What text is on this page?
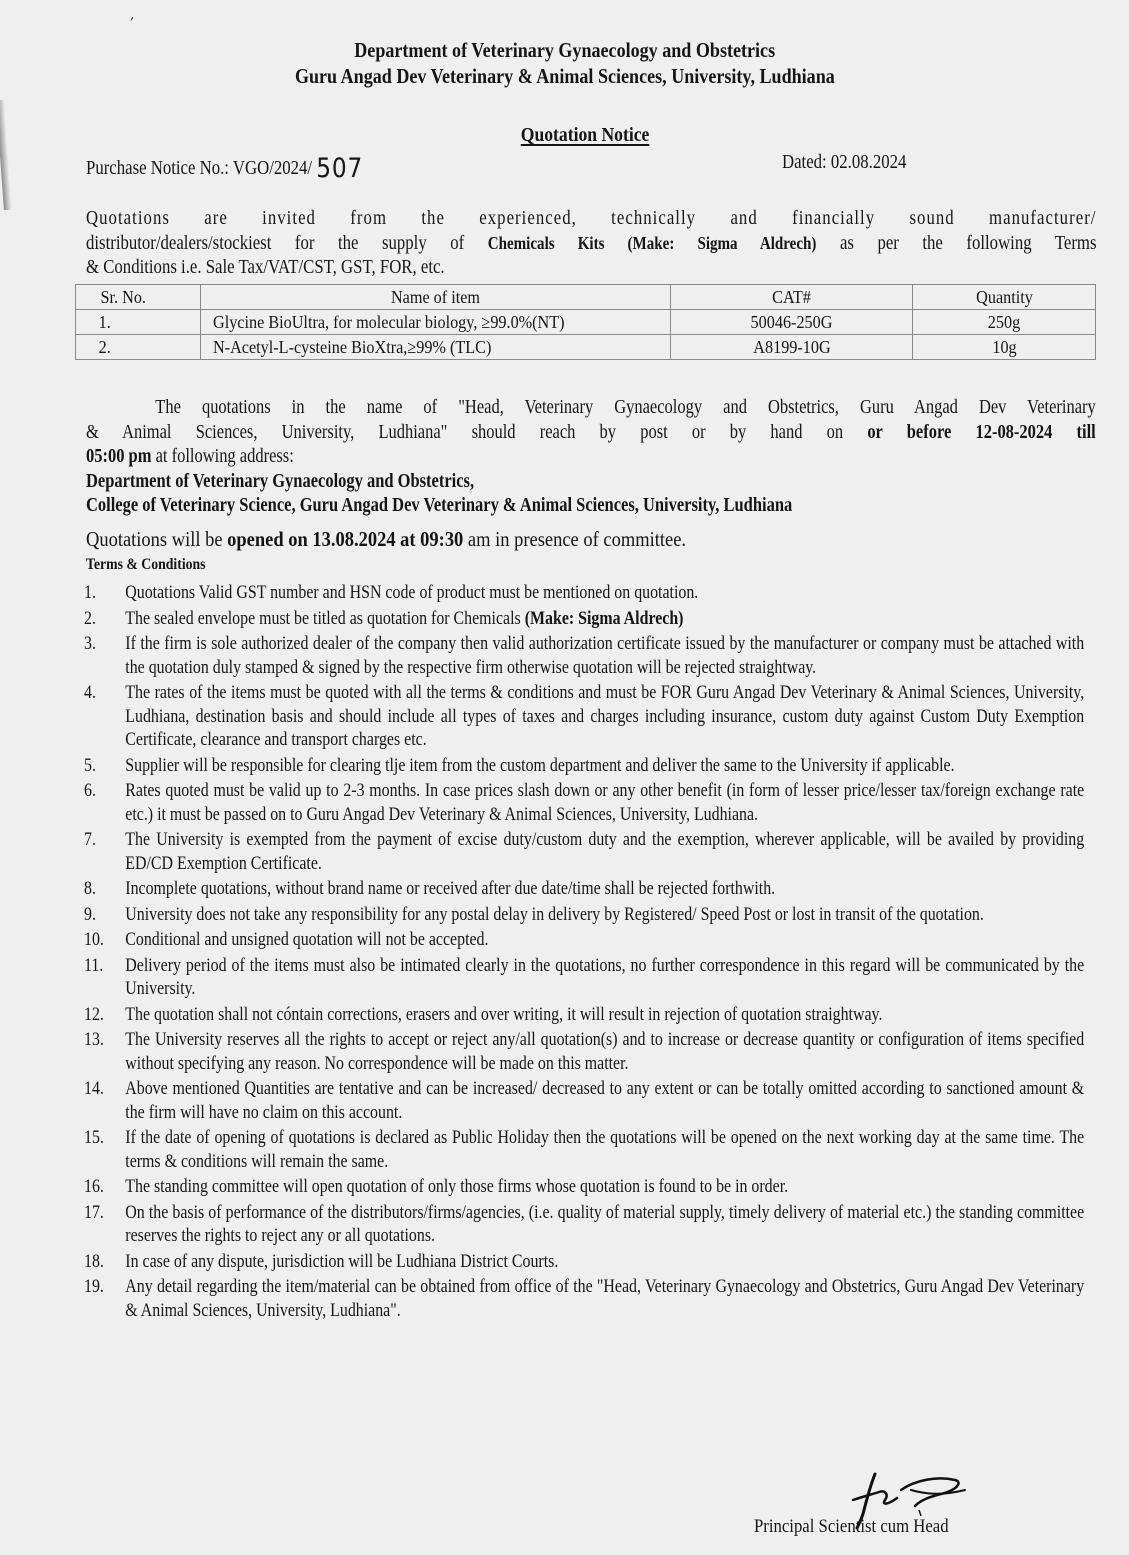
'
Department of Veterinary Gynaecology and Obstetrics
Guru Angad Dev Veterinary & Animal Sciences, University, Ludhiana
Quotation Notice
Purchase Notice No.: VGO/2024/ 507	Dated: 02.08.2024
Quotations are invited from the experienced, technically and financially sound manufacturer/
distributor/dealers/stockiest for the supply of Chemicals Kits (Make: Sigma Aldrech) as per the following Terms
& Conditions i.e. Sale Tax/VAT/CST, GST, FOR, etc.
Sr. No.	Name of item	CAT#	Quantity
1.	Glycine BioUltra, for molecular biology, ≥99.0%(NT)	50046-250G	250g
2.	N-Acetyl-L-cysteine BioXtra,≥99% (TLC)	A8199-10G	10g
The quotations in the name of "Head, Veterinary Gynaecology and Obstetrics, Guru Angad Dev Veterinary
& Animal Sciences, University, Ludhiana" should reach by post or by hand on or before 12-08-2024 till
05:00 pm at following address:
Department of Veterinary Gynaecology and Obstetrics,
College of Veterinary Science, Guru Angad Dev Veterinary & Animal Sciences, University, Ludhiana
Quotations will be opened on 13.08.2024 at 09:30 am in presence of committee.
Terms & Conditions
1. Quotations Valid GST number and HSN code of product must be mentioned on quotation.
2. The sealed envelope must be titled as quotation for Chemicals (Make: Sigma Aldrech)
3. If the firm is sole authorized dealer of the company then valid authorization certificate issued by the manufacturer or company must be attached with the quotation duly stamped & signed by the respective firm otherwise quotation will be rejected straightway.
4. The rates of the items must be quoted with all the terms & conditions and must be FOR Guru Angad Dev Veterinary & Animal Sciences, University, Ludhiana, destination basis and should include all types of taxes and charges including insurance, custom duty against Custom Duty Exemption Certificate, clearance and transport charges etc.
5. Supplier will be responsible for clearing tlje item from the custom department and deliver the same to the University if applicable.
6. Rates quoted must be valid up to 2-3 months. In case prices slash down or any other benefit (in form of lesser price/lesser tax/foreign exchange rate etc.) it must be passed on to Guru Angad Dev Veterinary & Animal Sciences, University, Ludhiana.
7. The University is exempted from the payment of excise duty/custom duty and the exemption, wherever applicable, will be availed by providing ED/CD Exemption Certificate.
8. Incomplete quotations, without brand name or received after due date/time shall be rejected forthwith.
9. University does not take any responsibility for any postal delay in delivery by Registered/ Speed Post or lost in transit of the quotation.
10. Conditional and unsigned quotation will not be accepted.
11. Delivery period of the items must also be intimated clearly in the quotations, no further correspondence in this regard will be communicated by the University.
12. The quotation shall not cóntain corrections, erasers and over writing, it will result in rejection of quotation straightway.
13. The University reserves all the rights to accept or reject any/all quotation(s) and to increase or decrease quantity or configuration of items specified without specifying any reason. No correspondence will be made on this matter.
14. Above mentioned Quantities are tentative and can be increased/ decreased to any extent or can be totally omitted according to sanctioned amount & the firm will have no claim on this account.
15. If the date of opening of quotations is declared as Public Holiday then the quotations will be opened on the next working day at the same time. The terms & conditions will remain the same.
16. The standing committee will open quotation of only those firms whose quotation is found to be in order.
17. On the basis of performance of the distributors/firms/agencies, (i.e. quality of material supply, timely delivery of material etc.) the standing committee reserves the rights to reject any or all quotations.
18. In case of any dispute, jurisdiction will be Ludhiana District Courts.
19. Any detail regarding the item/material can be obtained from office of the "Head, Veterinary Gynaecology and Obstetrics, Guru Angad Dev Veterinary & Animal Sciences, University, Ludhiana".
Principal Scientist cum Head
